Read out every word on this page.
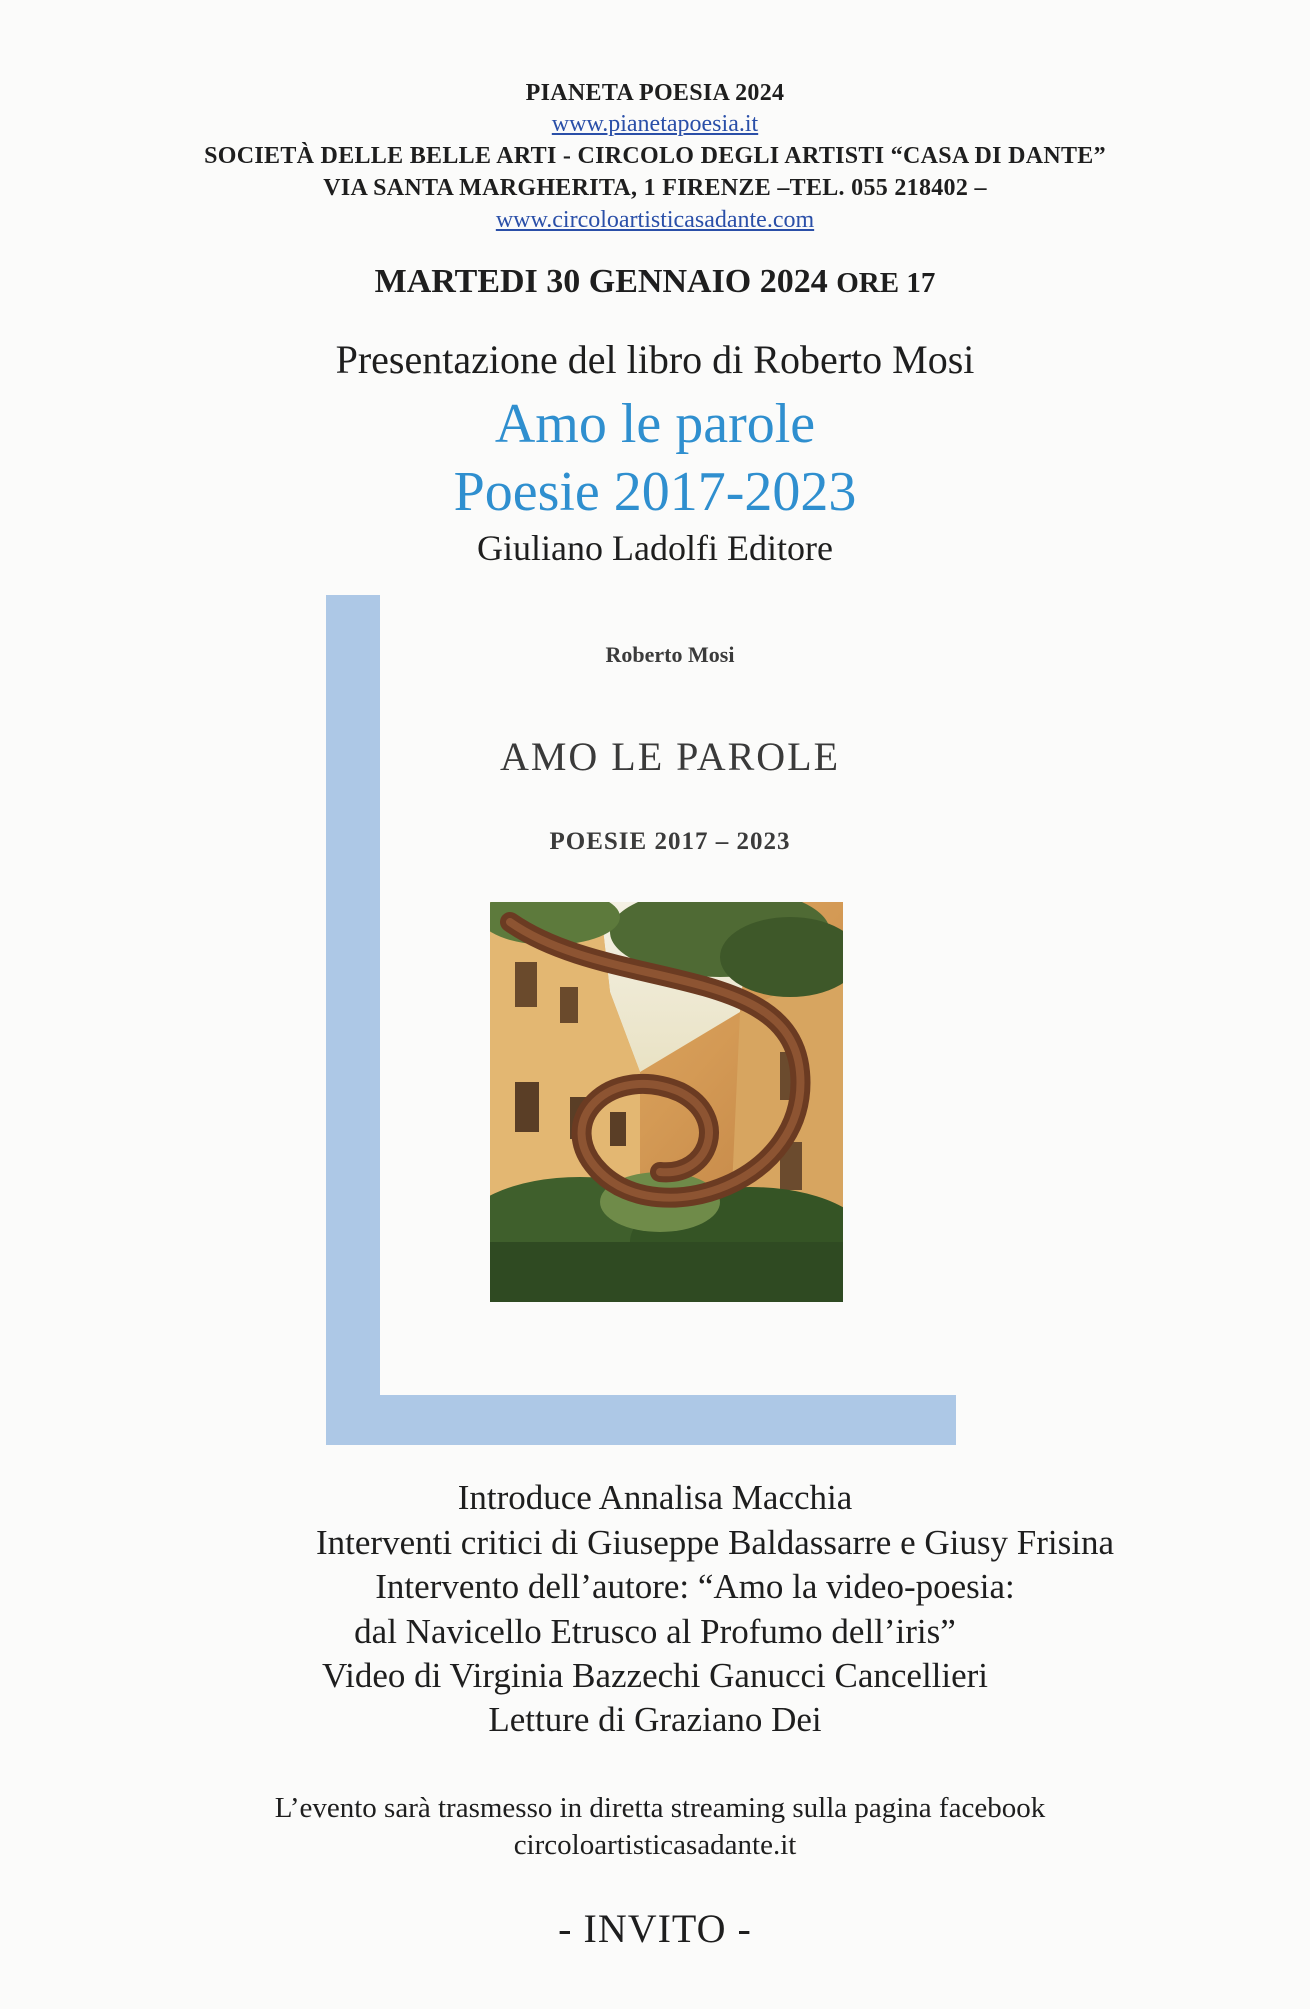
PIANETA POESIA 2024
www.pianetapoesia.it
SOCIETÀ DELLE BELLE ARTI - CIRCOLO DEGLI ARTISTI “CASA DI DANTE”
VIA SANTA MARGHERITA, 1 FIRENZE –TEL. 055 218402 –
www.circoloartisticasadante.com
MARTEDI 30 GENNAIO 2024 ORE 17
Presentazione del libro di Roberto Mosi
Amo le parole
Poesie 2017-2023
Giuliano Ladolfi Editore
Roberto Mosi
AMO LE PAROLE
POESIE 2017 – 2023
Introduce Annalisa Macchia
Interventi critici di Giuseppe Baldassarre e Giusy Frisina
Intervento dell’autore: “Amo la video-poesia:
dal Navicello Etrusco al Profumo dell’iris”
Video di Virginia Bazzechi Ganucci Cancellieri
Letture di Graziano Dei
L’evento sarà trasmesso in diretta streaming sulla pagina facebook
circoloartisticasadante.it
- INVITO -
